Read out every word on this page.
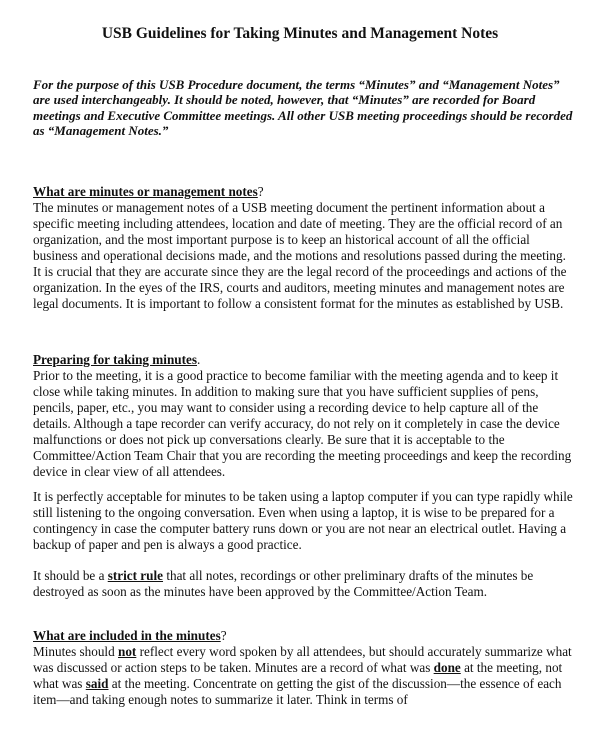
USB Guidelines for Taking Minutes and Management Notes

For the purpose of this USB Procedure document, the terms “Minutes” and “Management Notes” are used interchangeably. It should be noted, however, that “Minutes” are recorded for Board meetings and Executive Committee meetings. All other USB meeting proceedings should be recorded as “Management Notes.”

What are minutes or management notes?

The minutes or management notes of a USB meeting document the pertinent information about a specific meeting including attendees, location and date of meeting. They are the official record of an organization, and the most important purpose is to keep an historical account of all the official business and operational decisions made, and the motions and resolutions passed during the meeting. It is crucial that they are accurate since they are the legal record of the proceedings and actions of the organization. In the eyes of the IRS, courts and auditors, meeting minutes and management notes are legal documents. It is important to follow a consistent format for the minutes as established by USB.

Preparing for taking minutes.

Prior to the meeting, it is a good practice to become familiar with the meeting agenda and to keep it close while taking minutes. In addition to making sure that you have sufficient supplies of pens, pencils, paper, etc., you may want to consider using a recording device to help capture all of the details. Although a tape recorder can verify accuracy, do not rely on it completely in case the device malfunctions or does not pick up conversations clearly. Be sure that it is acceptable to the Committee/Action Team Chair that you are recording the meeting proceedings and keep the recording device in clear view of all attendees.

It is perfectly acceptable for minutes to be taken using a laptop computer if you can type rapidly while still listening to the ongoing conversation. Even when using a laptop, it is wise to be prepared for a contingency in case the computer battery runs down or you are not near an electrical outlet. Having a backup of paper and pen is always a good practice.

It should be a strict rule that all notes, recordings or other preliminary drafts of the minutes be destroyed as soon as the minutes have been approved by the Committee/Action Team.

What are included in the minutes?

Minutes should not reflect every word spoken by all attendees, but should accurately summarize what was discussed or action steps to be taken. Minutes are a record of what was done at the meeting, not what was said at the meeting. Concentrate on getting the gist of the discussion—the essence of each item—and taking enough notes to summarize it later. Think in terms of
